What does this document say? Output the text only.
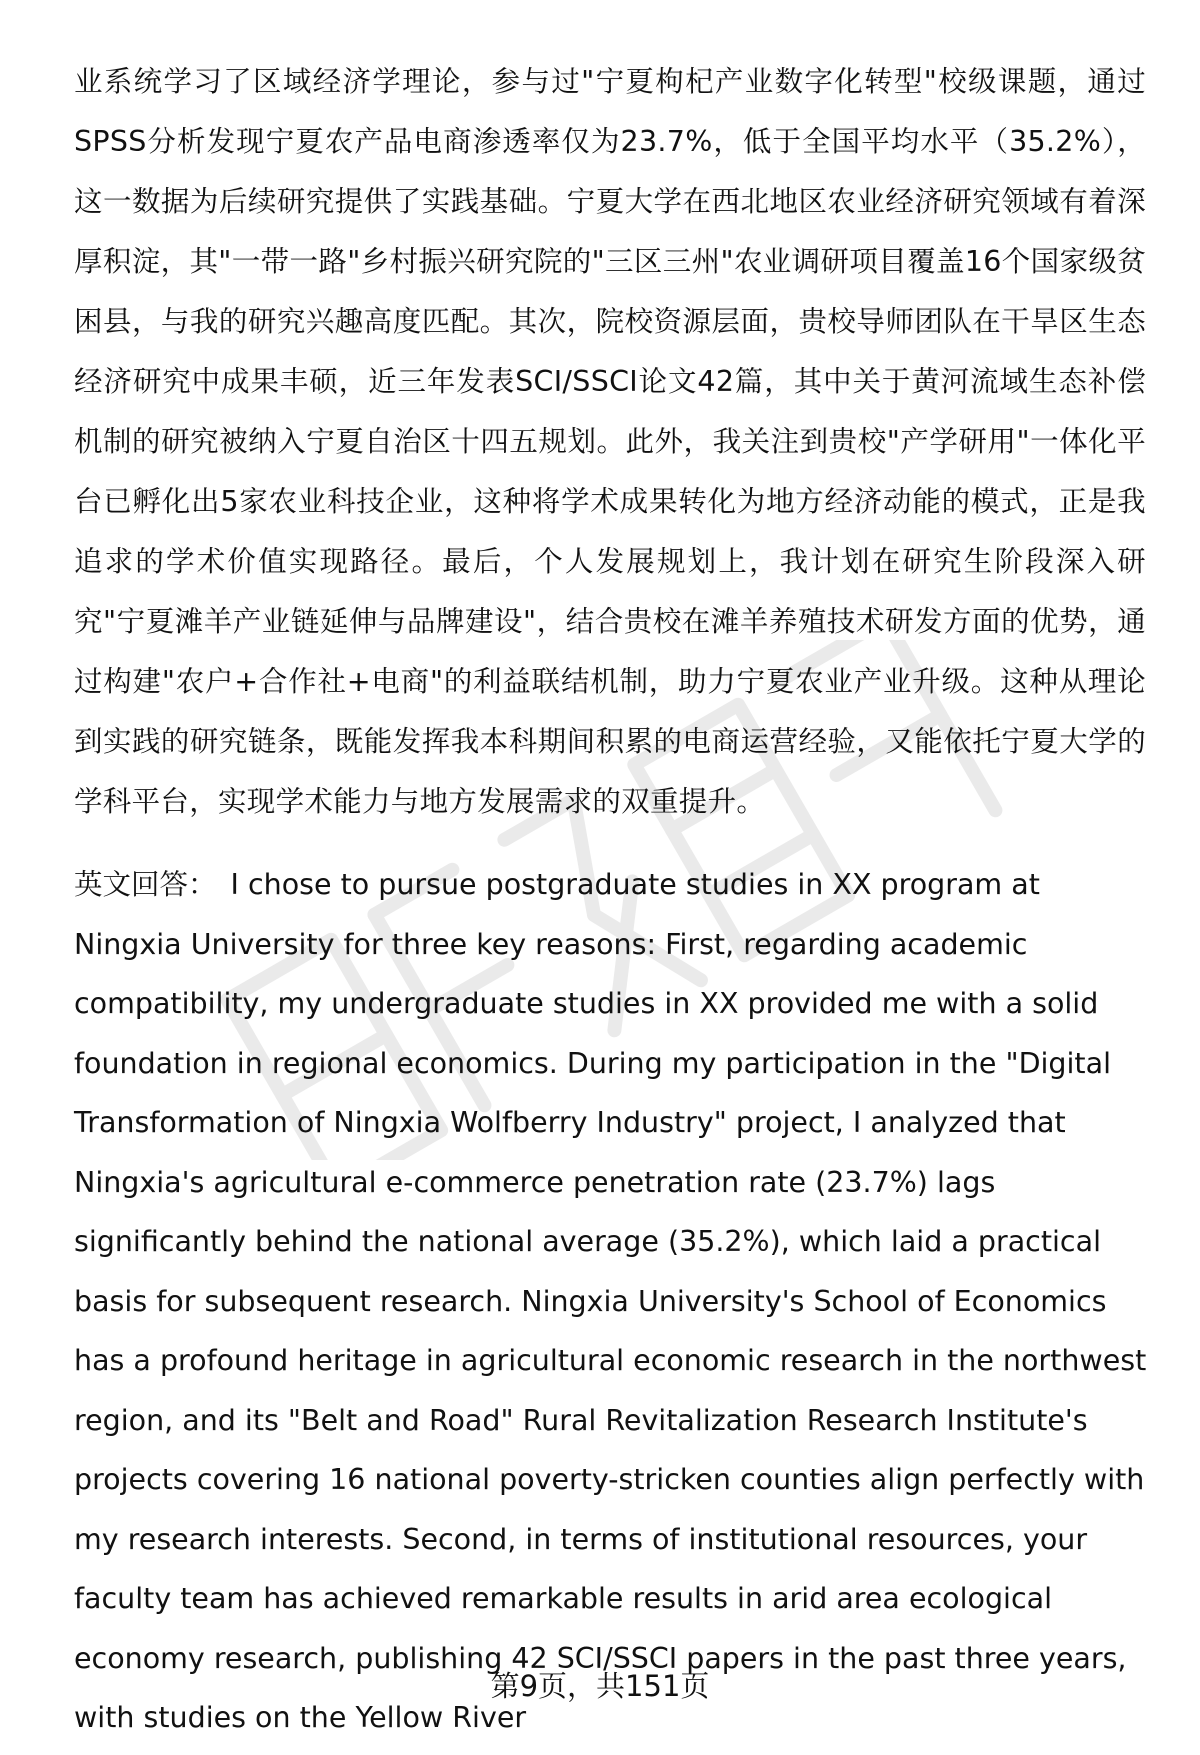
业系统学习了区域经济学理论，参与过"宁夏枸杞产业数字化转型"校级课题，通过SPSS分析发现宁夏农产品电商渗透率仅为23.7%，低于全国平均水平（35.2%），这一数据为后续研究提供了实践基础。宁夏大学在西北地区农业经济研究领域有着深厚积淀，其"一带一路"乡村振兴研究院的"三区三州"农业调研项目覆盖16个国家级贫困县，与我的研究兴趣高度匹配。其次，院校资源层面，贵校导师团队在干旱区生态经济研究中成果丰硕，近三年发表SCI/SSCI论文42篇，其中关于黄河流域生态补偿机制的研究被纳入宁夏自治区十四五规划。此外，我关注到贵校"产学研用"一体化平台已孵化出5家农业科技企业，这种将学术成果转化为地方经济动能的模式，正是我追求的学术价值实现路径。最后，个人发展规划上，我计划在研究生阶段深入研究"宁夏滩羊产业链延伸与品牌建设"，结合贵校在滩羊养殖技术研发方面的优势，通过构建"农户+合作社+电商"的利益联结机制，助力宁夏农业产业升级。这种从理论到实践的研究链条，既能发挥我本科期间积累的电商运营经验，又能依托宁夏大学的学科平台，实现学术能力与地方发展需求的双重提升。

英文回答： I chose to pursue postgraduate studies in XX program at Ningxia University for three key reasons: First, regarding academic compatibility, my undergraduate studies in XX provided me with a solid foundation in regional economics. During my participation in the "Digital Transformation of Ningxia Wolfberry Industry" project, I analyzed that Ningxia's agricultural e-commerce penetration rate (23.7%) lags significantly behind the national average (35.2%), which laid a practical basis for subsequent research. Ningxia University's School of Economics has a profound heritage in agricultural economic research in the northwest region, and its "Belt and Road" Rural Revitalization Research Institute's projects covering 16 national poverty-stricken counties align perfectly with my research interests. Second, in terms of institutional resources, your faculty team has achieved remarkable results in arid area ecological economy research, publishing 42 SCI/SSCI papers in the past three years, with studies on the Yellow River

第9页，共151页
